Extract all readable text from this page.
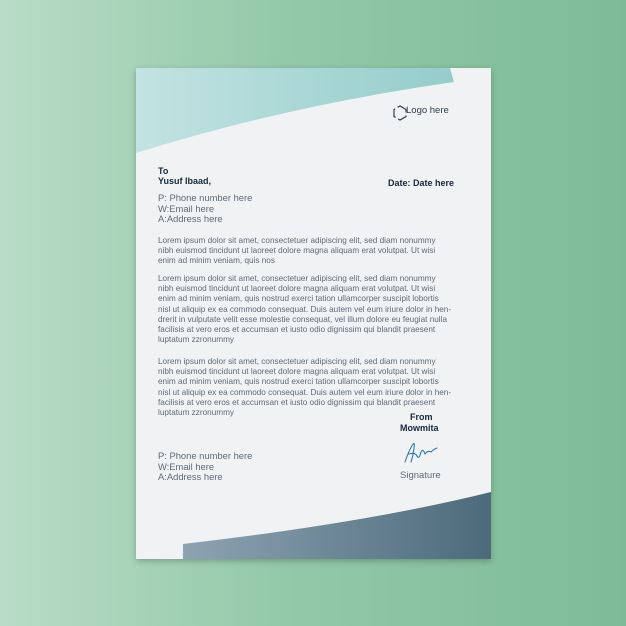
Logo here
To
Yusuf Ibaad,	Date: Date here
P: Phone number here
W:Email here
A:Address here
Lorem ipsum dolor sit amet, consectetuer adipiscing elit, sed diam nonummy
nibh euismod tincidunt ut laoreet dolore magna aliquam erat volutpat. Ut wisi
enim ad minim veniam, quis nos
Lorem ipsum dolor sit amet, consectetuer adipiscing elit, sed diam nonummy
nibh euismod tincidunt ut laoreet dolore magna aliquam erat volutpat. Ut wisi
enim ad minim veniam, quis nostrud exerci tation ullamcorper suscipit lobortis
nisl ut aliquip ex ea commodo consequat. Duis autem vel eum iriure dolor in hen-
drerit in vulputate velit esse molestie consequat, vel illum dolore eu feugiat nulla
facilisis at vero eros et accumsan et iusto odio dignissim qui blandit praesent
luptatum zzronummy
Lorem ipsum dolor sit amet, consectetuer adipiscing elit, sed diam nonummy
nibh euismod tincidunt ut laoreet dolore magna aliquam erat volutpat. Ut wisi
enim ad minim veniam, quis nostrud exerci tation ullamcorper suscipit lobortis
nisl ut aliquip ex ea commodo consequat. Duis autem vel eum iriure dolor in hen-
facilisis at vero eros et accumsan et iusto odio dignissim qui blandit praesent
luptatum zzronummy	From
Mowmita
Signature
P: Phone number here
W:Email here
A:Address here
